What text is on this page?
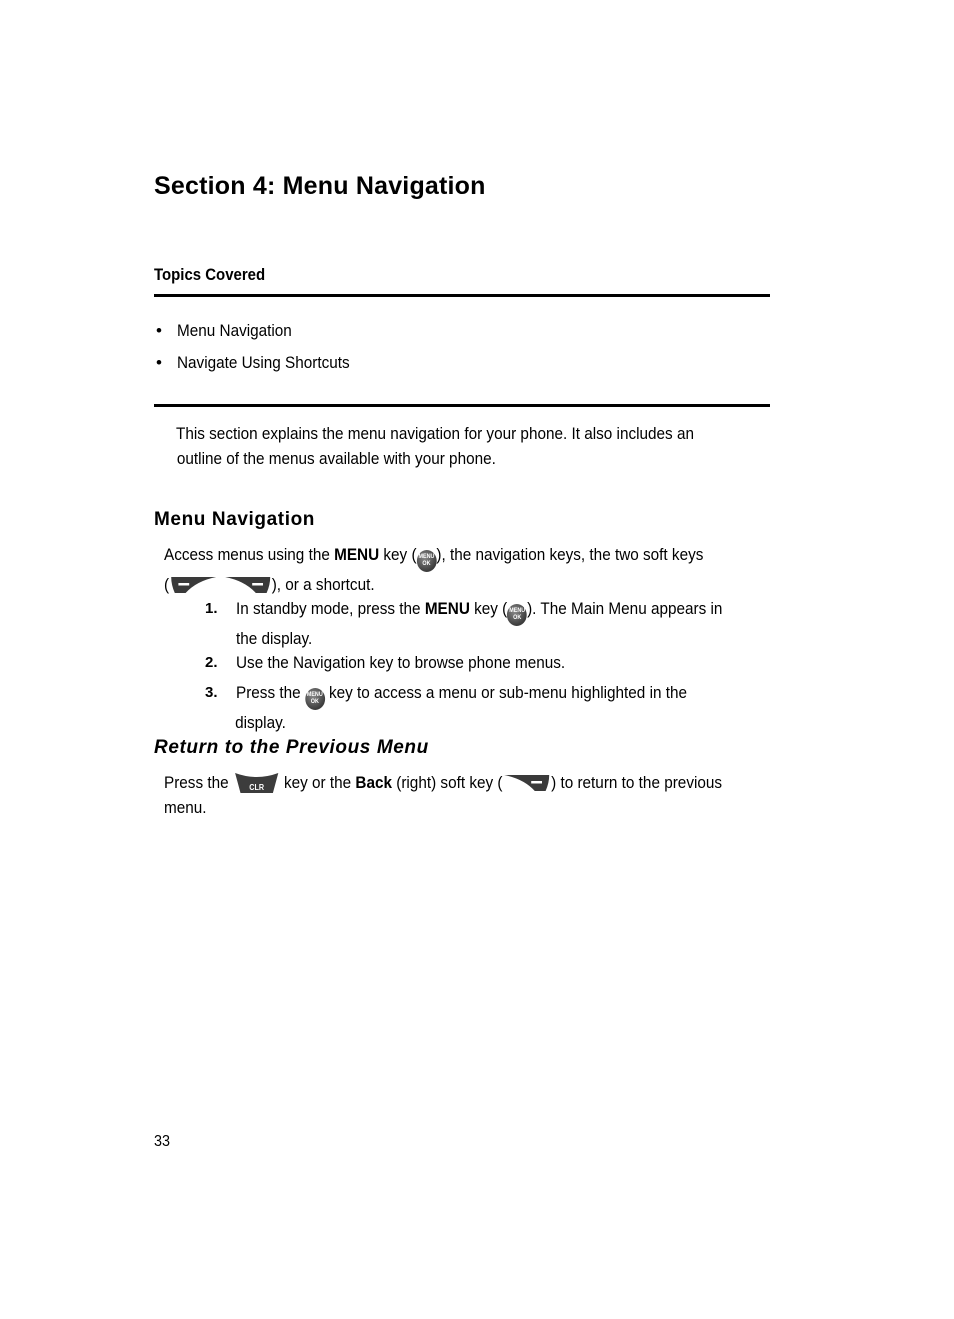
Section 4: Menu Navigation
Topics Covered
• Menu Navigation
• Navigate Using Shortcuts
This section explains the menu navigation for your phone. It also includes an
outline of the menus available with your phone.
Menu Navigation
Access menus using the MENU key ( MENU
OK ), the navigation keys, the two soft keys
(	), or a shortcut.
1. In standby mode, press the MENU key ( MENU
OK ). The Main Menu appears in
the display.
2. Use the Navigation key to browse phone menus.
3. Press the MENU
OK key to access a menu or sub-menu highlighted in the
display.
Return to the Previous Menu
Press the CLR key or the Back (right) soft key (	) to return to the previous
menu.
33
